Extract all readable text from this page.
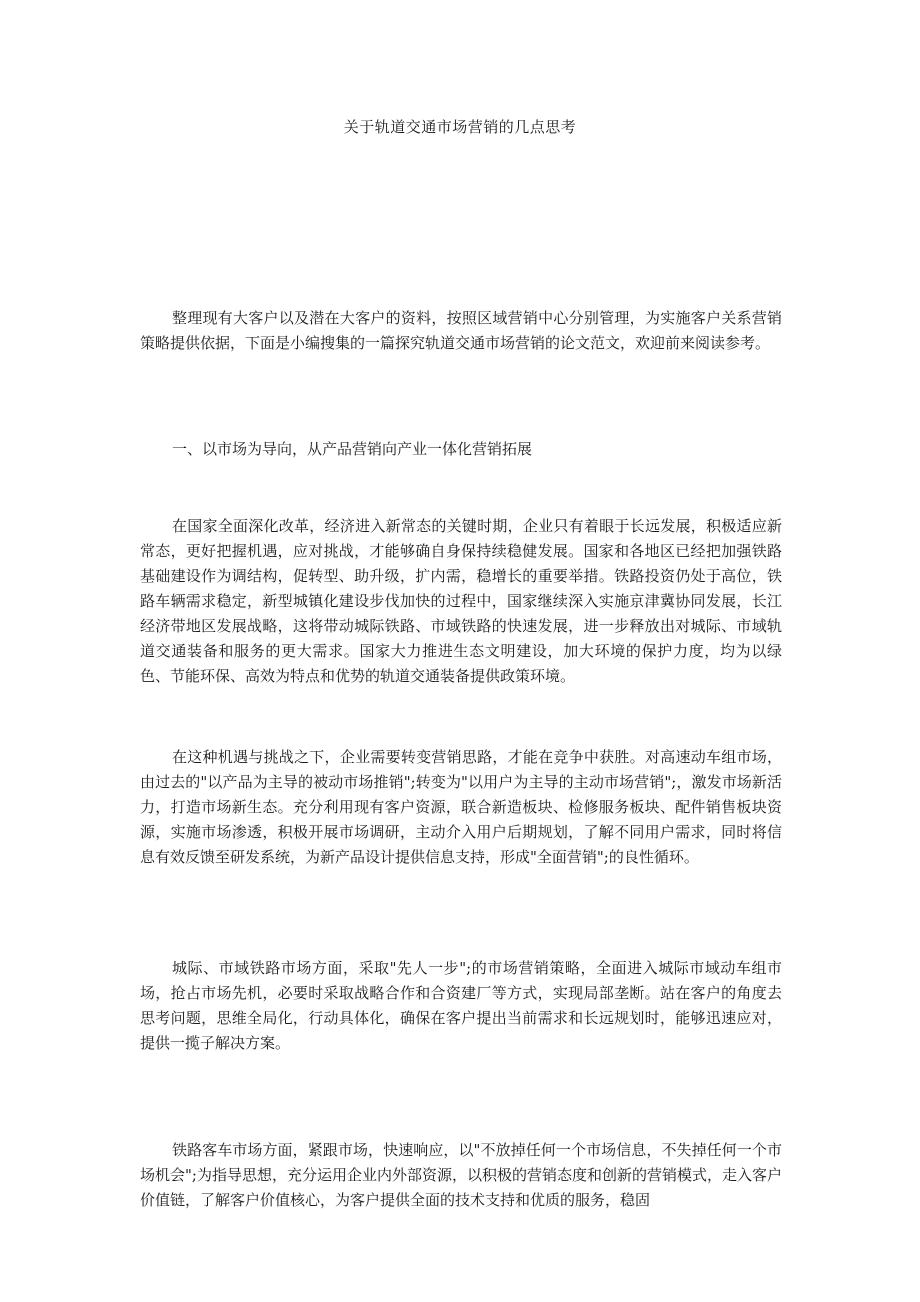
关于轨道交通市场营销的几点思考

整理现有大客户以及潜在大客户的资料，按照区域营销中心分别管理，为实施客户关系营销策略提供依据，下面是小编搜集的一篇探究轨道交通市场营销的论文范文，欢迎前来阅读参考。

一、以市场为导向，从产品营销向产业一体化营销拓展

在国家全面深化改革，经济进入新常态的关键时期，企业只有着眼于长远发展，积极适应新常态，更好把握机遇，应对挑战，才能够确自身保持续稳健发展。国家和各地区已经把加强铁路基础建设作为调结构，促转型、助升级，扩内需，稳增长的重要举措。铁路投资仍处于高位，铁路车辆需求稳定，新型城镇化建设步伐加快的过程中，国家继续深入实施京津冀协同发展，长江经济带地区发展战略，这将带动城际铁路、市域铁路的快速发展，进一步释放出对城际、市域轨道交通装备和服务的更大需求。国家大力推进生态文明建设，加大环境的保护力度，均为以绿色、节能环保、高效为特点和优势的轨道交通装备提供政策环境。

在这种机遇与挑战之下，企业需要转变营销思路，才能在竞争中获胜。对高速动车组市场，由过去的"以产品为主导的被动市场推销";转变为"以用户为主导的主动市场营销";，激发市场新活力，打造市场新生态。充分利用现有客户资源，联合新造板块、检修服务板块、配件销售板块资源，实施市场渗透，积极开展市场调研，主动介入用户后期规划，了解不同用户需求，同时将信息有效反馈至研发系统，为新产品设计提供信息支持，形成"全面营销";的良性循环。

城际、市域铁路市场方面，采取"先人一步";的市场营销策略，全面进入城际市域动车组市场，抢占市场先机，必要时采取战略合作和合资建厂等方式，实现局部垄断。站在客户的角度去思考问题，思维全局化，行动具体化，确保在客户提出当前需求和长远规划时，能够迅速应对，提供一揽子解决方案。

铁路客车市场方面，紧跟市场，快速响应，以"不放掉任何一个市场信息，不失掉任何一个市场机会";为指导思想，充分运用企业内外部资源，以积极的营销态度和创新的营销模式，走入客户价值链，了解客户价值核心，为客户提供全面的技术支持和优质的服务，稳固
